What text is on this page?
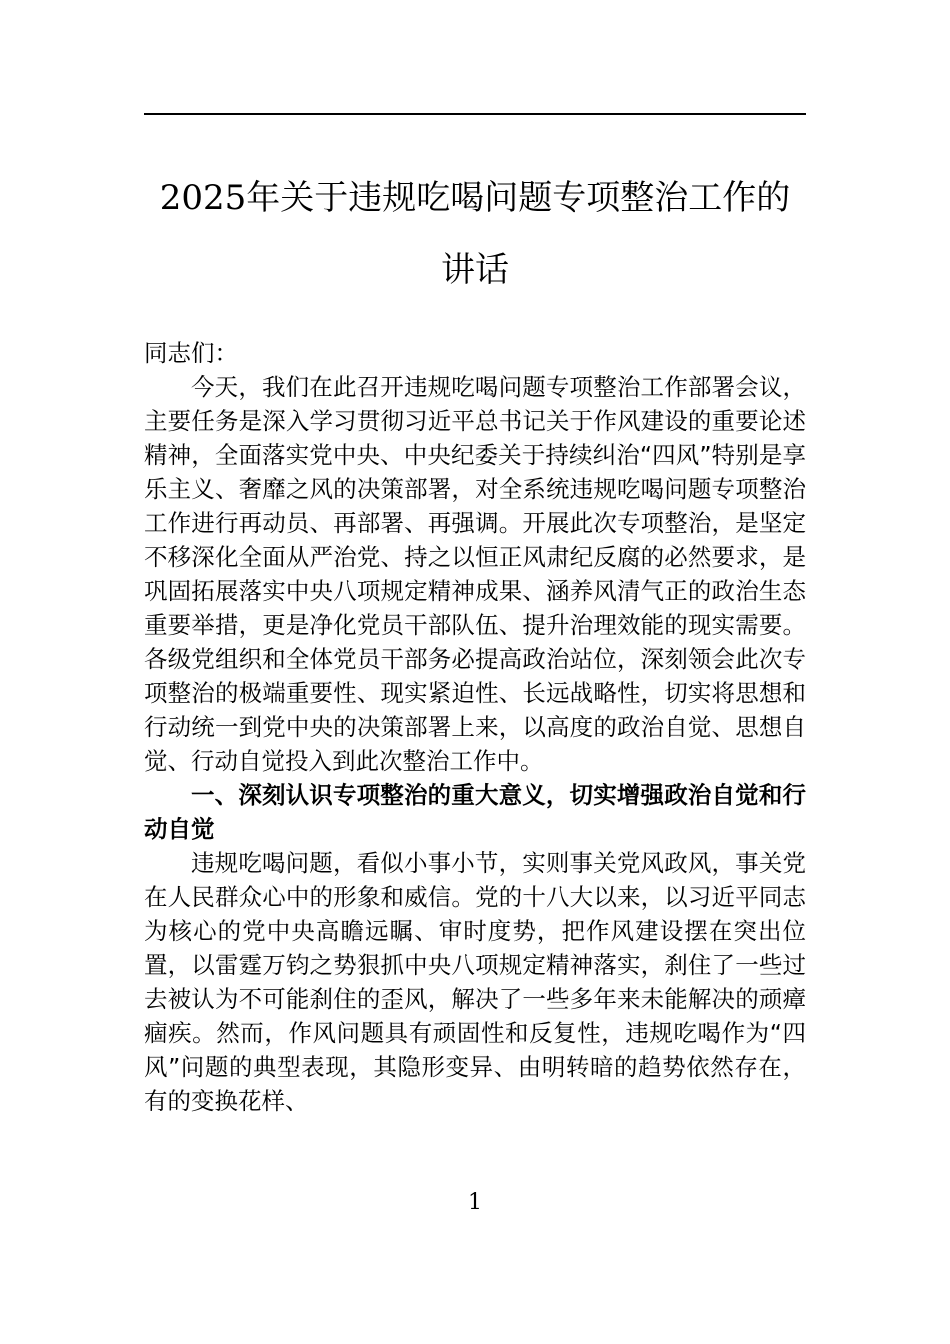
2025年关于违规吃喝问题专项整治工作的
讲话

同志们：

今天，我们在此召开违规吃喝问题专项整治工作部署会议，主要任务是深入学习贯彻习近平总书记关于作风建设的重要论述精神，全面落实党中央、中央纪委关于持续纠治“四风”特别是享乐主义、奢靡之风的决策部署，对全系统违规吃喝问题专项整治工作进行再动员、再部署、再强调。开展此次专项整治，是坚定不移深化全面从严治党、持之以恒正风肃纪反腐的必然要求，是巩固拓展落实中央八项规定精神成果、涵养风清气正的政治生态重要举措，更是净化党员干部队伍、提升治理效能的现实需要。各级党组织和全体党员干部务必提高政治站位，深刻领会此次专项整治的极端重要性、现实紧迫性、长远战略性，切实将思想和行动统一到党中央的决策部署上来，以高度的政治自觉、思想自觉、行动自觉投入到此次整治工作中。

一、深刻认识专项整治的重大意义，切实增强政治自觉和行动自觉

违规吃喝问题，看似小事小节，实则事关党风政风，事关党在人民群众心中的形象和威信。党的十八大以来，以习近平同志为核心的党中央高瞻远瞩、审时度势，把作风建设摆在突出位置，以雷霆万钧之势狠抓中央八项规定精神落实，刹住了一些过去被认为不可能刹住的歪风，解决了一些多年来未能解决的顽瘴痼疾。然而，作风问题具有顽固性和反复性，违规吃喝作为“四风”问题的典型表现，其隐形变异、由明转暗的趋势依然存在，有的变换花样、

1
